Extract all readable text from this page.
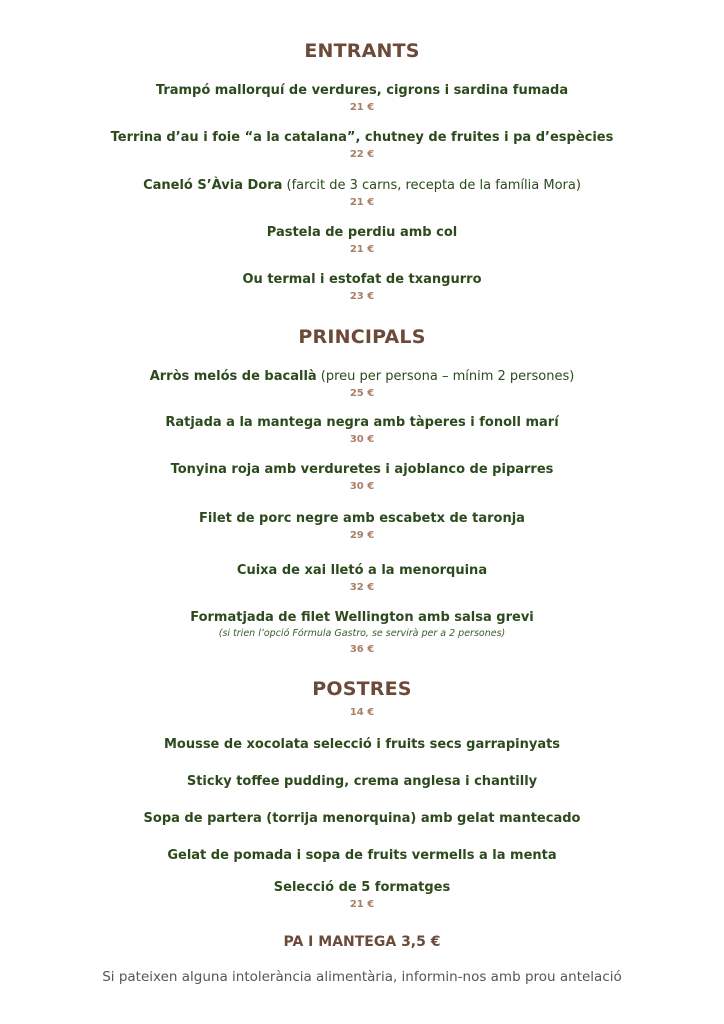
ENTRANTS
Trampó mallorquí de verdures, cigrons i sardina fumada
21 €
Terrina d’au i foie “a la catalana”, chutney de fruites i pa d’espècies
22 €
Caneló S’Àvia Dora (farcit de 3 carns, recepta de la família Mora)
21 €
Pastela de perdiu amb col
21 €
Ou termal i estofat de txangurro
23 €
PRINCIPALS
Arròs melós de bacallà (preu per persona – mínim 2 persones)
25 €
Ratjada a la mantega negra amb tàperes i fonoll marí
30 €
Tonyina roja amb verduretes i ajoblanco de piparres
30 €
Filet de porc negre amb escabetx de taronja
29 €
Cuixa de xai lletó a la menorquina
32 €
Formatjada de filet Wellington amb salsa grevi
(si trien l’opció Fórmula Gastro, se servirà per a 2 persones)
36 €
POSTRES
14 €
Mousse de xocolata selecció i fruits secs garrapinyats
Sticky toffee pudding, crema anglesa i chantilly
Sopa de partera (torrija menorquina) amb gelat mantecado
Gelat de pomada i sopa de fruits vermells a la menta
Selecció de 5 formatges
21 €
PA I MANTEGA 3,5 €
Si pateixen alguna intolerància alimentària, informin-nos amb prou antelació
